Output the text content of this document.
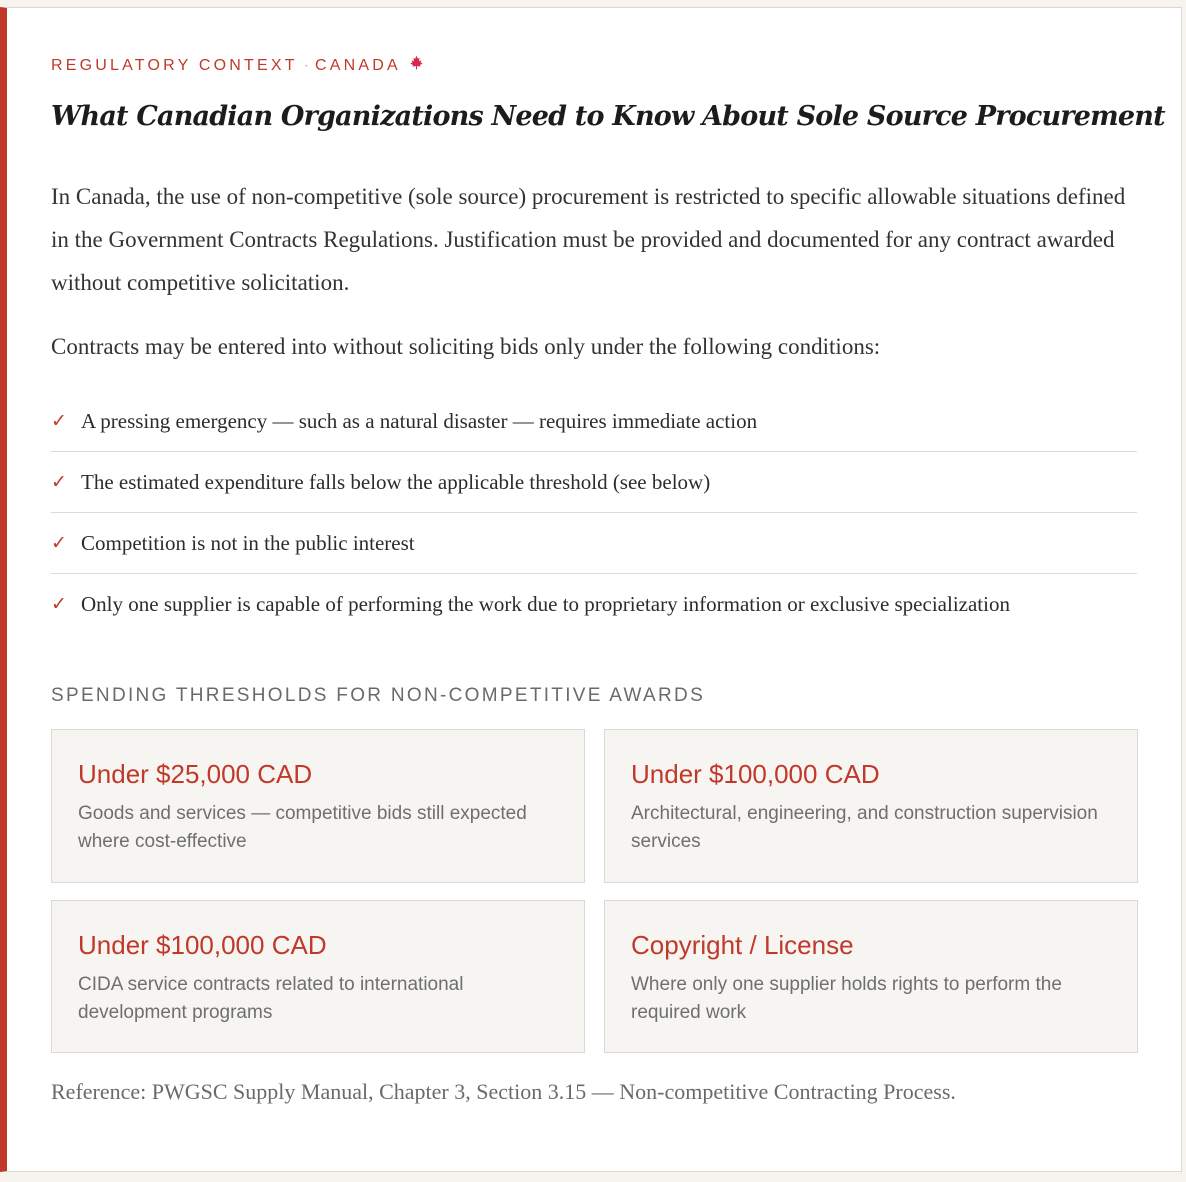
REGULATORY CONTEXT · CANADA
What Canadian Organizations Need to Know About Sole Source Procurement

In Canada, the use of non-competitive (sole source) procurement is restricted to specific allowable situations defined in the Government Contracts Regulations. Justification must be provided and documented for any contract awarded without competitive solicitation.

Contracts may be entered into without soliciting bids only under the following conditions:

✓ A pressing emergency — such as a natural disaster — requires immediate action
✓ The estimated expenditure falls below the applicable threshold (see below)
✓ Competition is not in the public interest
✓ Only one supplier is capable of performing the work due to proprietary information or exclusive specialization
SPENDING THRESHOLDS FOR NON-COMPETITIVE AWARDS
Under $25,000 CAD
Goods and services — competitive bids still expected where cost-effective
Under $100,000 CAD
Architectural, engineering, and construction supervision services
Under $100,000 CAD
CIDA service contracts related to international development programs
Copyright / License
Where only one supplier holds rights to perform the required work
Reference: PWGSC Supply Manual, Chapter 3, Section 3.15 — Non-competitive Contracting Process.
